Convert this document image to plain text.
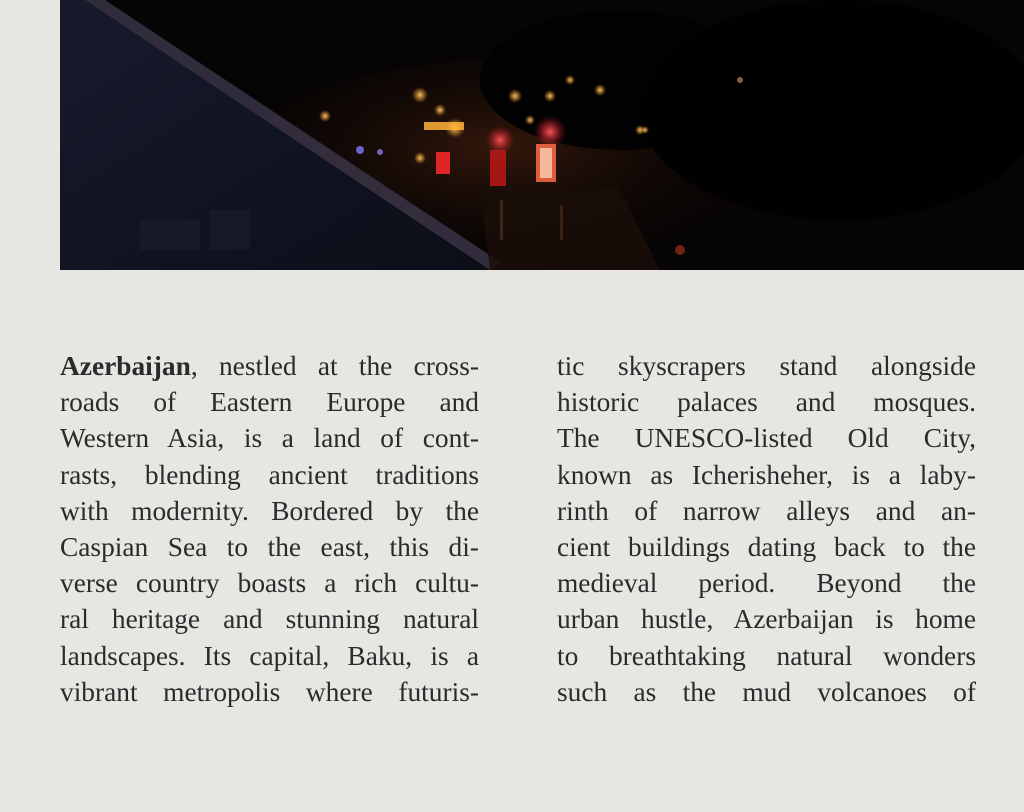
Azerbaijan, nestled at the cross-
roads of Eastern Europe and
Western Asia, is a land of cont-
rasts, blending ancient traditions
with modernity. Bordered by the
Caspian Sea to the east, this di-
verse country boasts a rich cultu-
ral heritage and stunning natural
landscapes. Its capital, Baku, is a
vibrant metropolis where futuris-
tic skyscrapers stand alongside
historic palaces and mosques.
The UNESCO-listed Old City,
known as Icherisheher, is a laby-
rinth of narrow alleys and an-
cient buildings dating back to the
medieval period. Beyond the
urban hustle, Azerbaijan is home
to breathtaking natural wonders
such as the mud volcanoes of
